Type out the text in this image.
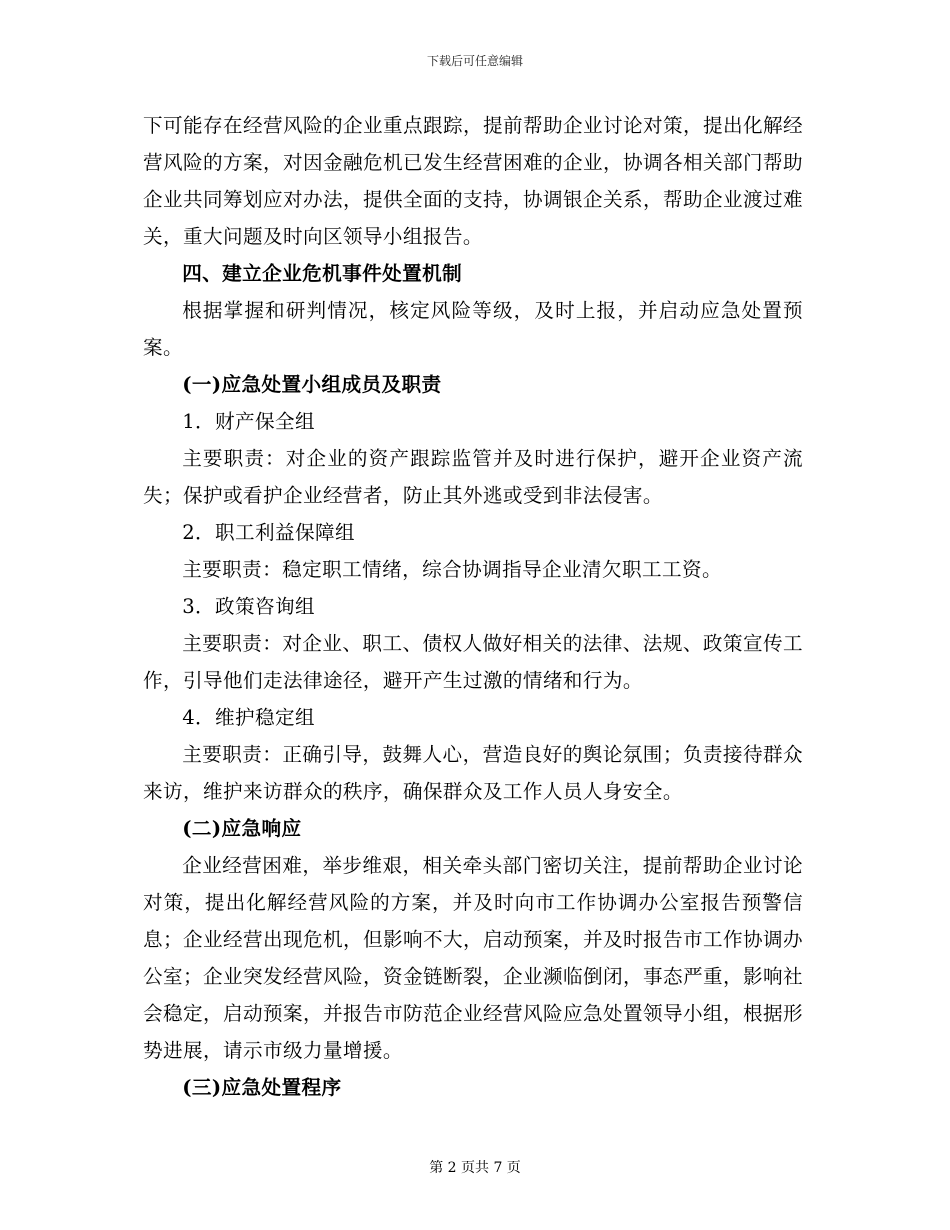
下载后可任意编辑

下可能存在经营风险的企业重点跟踪，提前帮助企业讨论对策，提出化解经营风险的方案，对因金融危机已发生经营困难的企业，协调各相关部门帮助企业共同筹划应对办法，提供全面的支持，协调银企关系，帮助企业渡过难关，重大问题及时向区领导小组报告。

四、建立企业危机事件处置机制

根据掌握和研判情况，核定风险等级，及时上报，并启动应急处置预案。

(一)应急处置小组成员及职责

1．财产保全组

主要职责：对企业的资产跟踪监管并及时进行保护，避开企业资产流失；保护或看护企业经营者，防止其外逃或受到非法侵害。

2．职工利益保障组

主要职责：稳定职工情绪，综合协调指导企业清欠职工工资。

3．政策咨询组

主要职责：对企业、职工、债权人做好相关的法律、法规、政策宣传工作，引导他们走法律途径，避开产生过激的情绪和行为。

4．维护稳定组

主要职责：正确引导，鼓舞人心，营造良好的舆论氛围；负责接待群众来访，维护来访群众的秩序，确保群众及工作人员人身安全。

(二)应急响应

企业经营困难，举步维艰，相关牵头部门密切关注，提前帮助企业讨论对策，提出化解经营风险的方案，并及时向市工作协调办公室报告预警信息；企业经营出现危机，但影响不大，启动预案，并及时报告市工作协调办公室；企业突发经营风险，资金链断裂，企业濒临倒闭，事态严重，影响社会稳定，启动预案，并报告市防范企业经营风险应急处置领导小组，根据形势进展，请示市级力量增援。

(三)应急处置程序

第 2 页共 7 页
